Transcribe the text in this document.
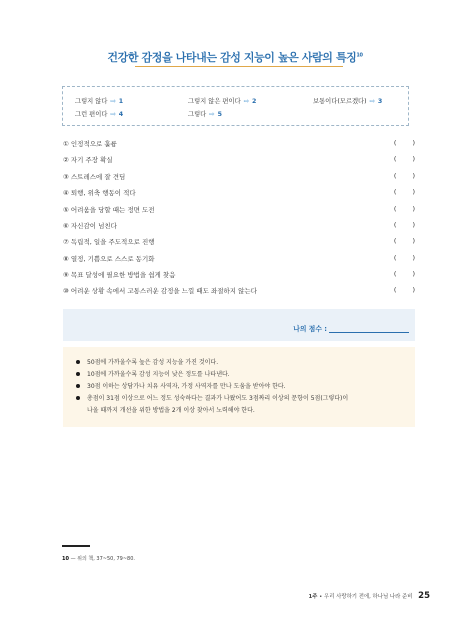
건강한 감정을 나타내는 감성 지능이 높은 사람의 특징$^{10}$
그렇지 않다 ⇨ 1	그렇지 않은 편이다 ⇨ 2	보통이다(모르겠다) ⇨ 3
그런 편이다 ⇨ 4	그렇다 ⇨ 5
① 인정적으로 훌륭	( )
② 자기 주장 확실	( )
③ 스트레스에 잘 견딤	( )
④ 퇴행, 위축 행동이 적다	( )
⑤ 어려움을 당할 때는 정면 도전	( )
⑥ 자신감이 넘친다	( )
⑦ 독립적, 일을 주도적으로 진행	( )
⑧ 열정, 기쁨으로 스스로 동기화	( )
⑨ 목표 달성에 필요한 방법을 쉽게 찾음	( )
⑩ 어려운 상황 속에서 고통스러운 감정을 느낄 때도 좌절하지 않는다	( )
나의 점수 :
50점에 가까울수록 높은 감성 지능을 가진 것이다.
10점에 가까울수록 감성 지능이 낮은 정도를 나타낸다.
30점 이하는 상담가나 치유 사역자, 가정 사역자를 만나 도움을 받아야 한다.
총점이 31점 이상으로 어느 정도 성숙하다는 결과가 나왔어도 3점짜리 이상의 문항이 5점(그렇다)이
나올 때까지 개선을 위한 방법을 2개 이상 찾아서 노력해야 한다.
10 — 위의 책, 37~50, 79~80.
1주 • 우리 사랑하기 전에, 하나님 나라 준비 25
